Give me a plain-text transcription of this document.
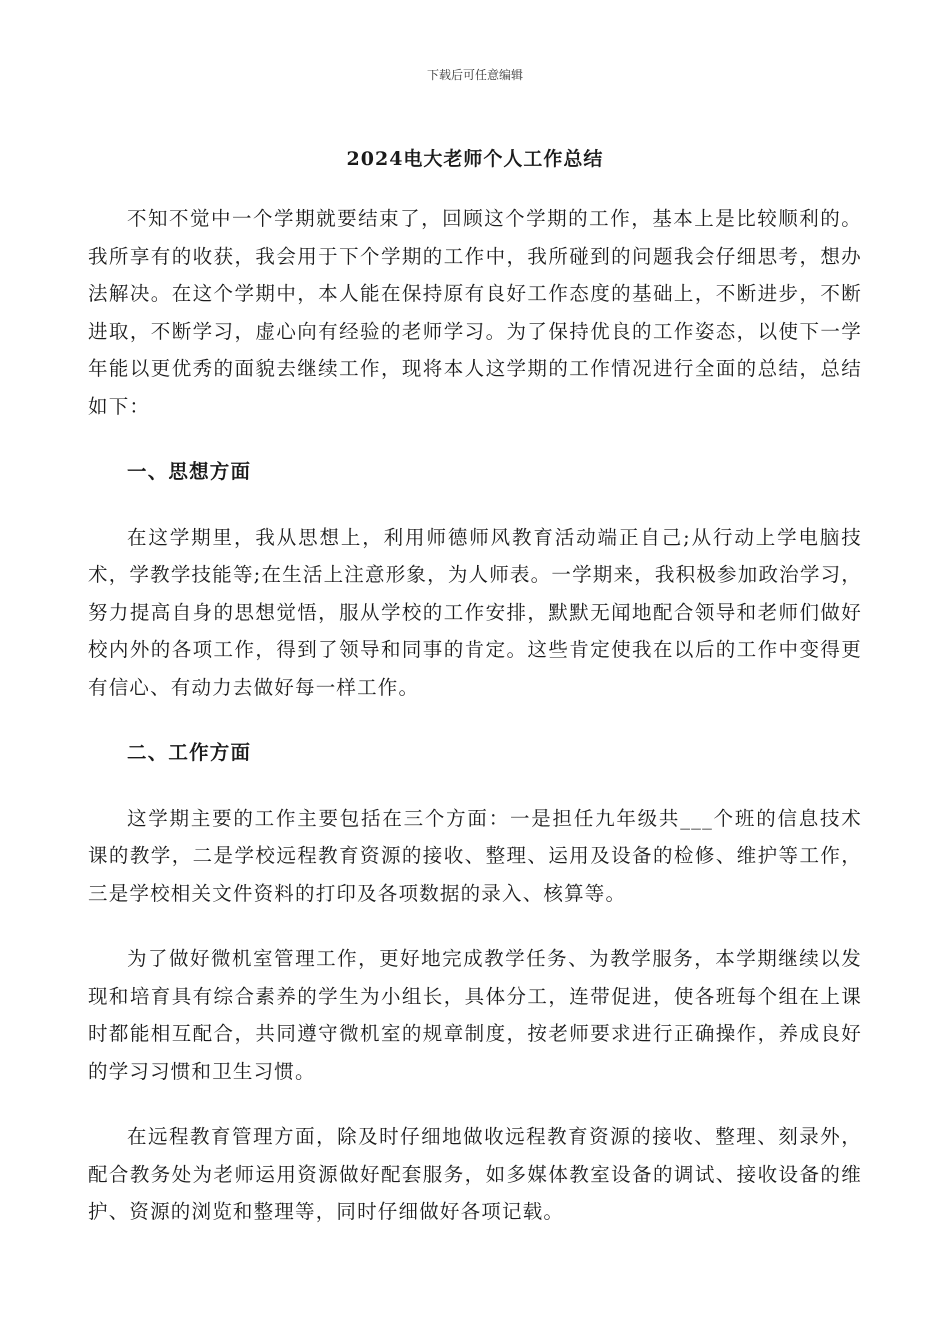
下载后可任意编辑
2024电大老师个人工作总结

不知不觉中一个学期就要结束了，回顾这个学期的工作，基本上是比较顺利的。我所享有的收获，我会用于下个学期的工作中，我所碰到的问题我会仔细思考，想办法解决。在这个学期中，本人能在保持原有良好工作态度的基础上，不断进步，不断进取，不断学习，虚心向有经验的老师学习。为了保持优良的工作姿态，以使下一学年能以更优秀的面貌去继续工作，现将本人这学期的工作情况进行全面的总结，总结如下：

一、思想方面

在这学期里，我从思想上，利用师德师风教育活动端正自己;从行动上学电脑技术，学教学技能等;在生活上注意形象，为人师表。一学期来，我积极参加政治学习，努力提高自身的思想觉悟，服从学校的工作安排，默默无闻地配合领导和老师们做好校内外的各项工作，得到了领导和同事的肯定。这些肯定使我在以后的工作中变得更有信心、有动力去做好每一样工作。

二、工作方面

这学期主要的工作主要包括在三个方面：一是担任九年级共___个班的信息技术课的教学，二是学校远程教育资源的接收、整理、运用及设备的检修、维护等工作，三是学校相关文件资料的打印及各项数据的录入、核算等。

为了做好微机室管理工作，更好地完成教学任务、为教学服务，本学期继续以发现和培育具有综合素养的学生为小组长，具体分工，连带促进，使各班每个组在上课时都能相互配合，共同遵守微机室的规章制度，按老师要求进行正确操作，养成良好的学习习惯和卫生习惯。

在远程教育管理方面，除及时仔细地做收远程教育资源的接收、整理、刻录外，配合教务处为老师运用资源做好配套服务，如多媒体教室设备的调试、接收设备的维护、资源的浏览和整理等，同时仔细做好各项记载。
